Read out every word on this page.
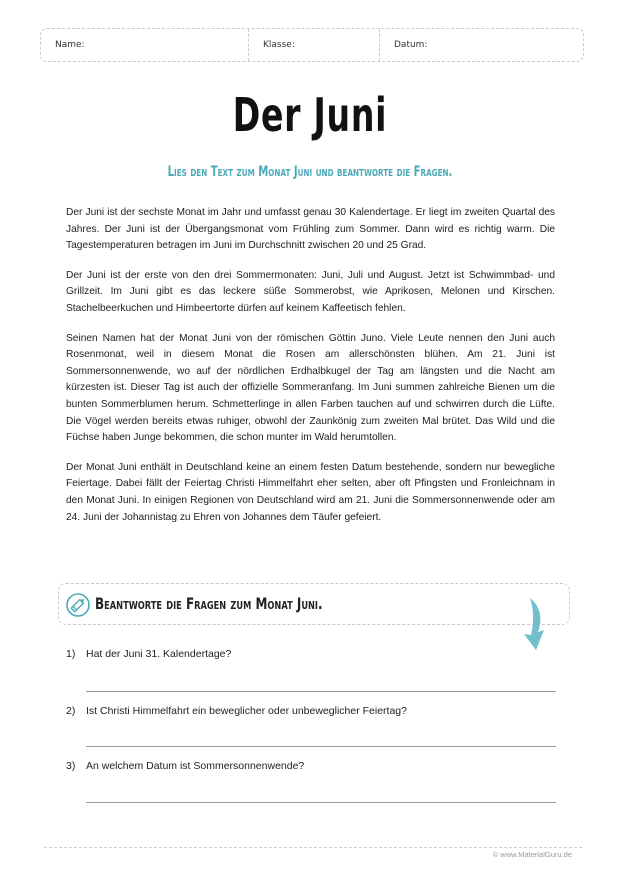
Name:	Klasse:	Datum:
Der Juni
Lies den Text zum Monat Juni und beantworte die Fragen.

Der Juni ist der sechste Monat im Jahr und umfasst genau 30 Kalendertage. Er liegt im zweiten Quartal des Jahres. Der Juni ist der Übergangsmonat vom Frühling zum Sommer. Dann wird es richtig warm. Die Tagestemperaturen betragen im Juni im Durchschnitt zwischen 20 und 25 Grad.

Der Juni ist der erste von den drei Sommermonaten: Juni, Juli und August. Jetzt ist Schwimmbad- und Grillzeit. Im Juni gibt es das leckere süße Sommerobst, wie Aprikosen, Melonen und Kirschen. Stachelbeerkuchen und Himbeertorte dürfen auf keinem Kaffeetisch fehlen.

Seinen Namen hat der Monat Juni von der römischen Göttin Juno. Viele Leute nennen den Juni auch Rosenmonat, weil in diesem Monat die Rosen am allerschönsten blühen. Am 21. Juni ist Sommersonnenwende, wo auf der nördlichen Erdhalbkugel der Tag am längsten und die Nacht am kürzesten ist. Dieser Tag ist auch der offizielle Sommeranfang. Im Juni summen zahlreiche Bienen um die bunten Sommerblumen herum. Schmetterlinge in allen Farben tauchen auf und schwirren durch die Lüfte. Die Vögel werden bereits etwas ruhiger, obwohl der Zaunkönig zum zweiten Mal brütet. Das Wild und die Füchse haben Junge bekommen, die schon munter im Wald herumtollen.

Der Monat Juni enthält in Deutschland keine an einem festen Datum bestehende, sondern nur bewegliche Feiertage. Dabei fällt der Feiertag Christi Himmelfahrt eher selten, aber oft Pfingsten und Fronleichnam in den Monat Juni. In einigen Regionen von Deutschland wird am 21. Juni die Sommersonnenwende oder am 24. Juni der Johannistag zu Ehren von Johannes dem Täufer gefeiert.

Beantworte die Fragen zum Monat Juni.
1) Hat der Juni 31. Kalendertage?
2) Ist Christi Himmelfahrt ein beweglicher oder unbeweglicher Feiertag?
3) An welchem Datum ist Sommersonnenwende?
© www.MaterialGuru.de
